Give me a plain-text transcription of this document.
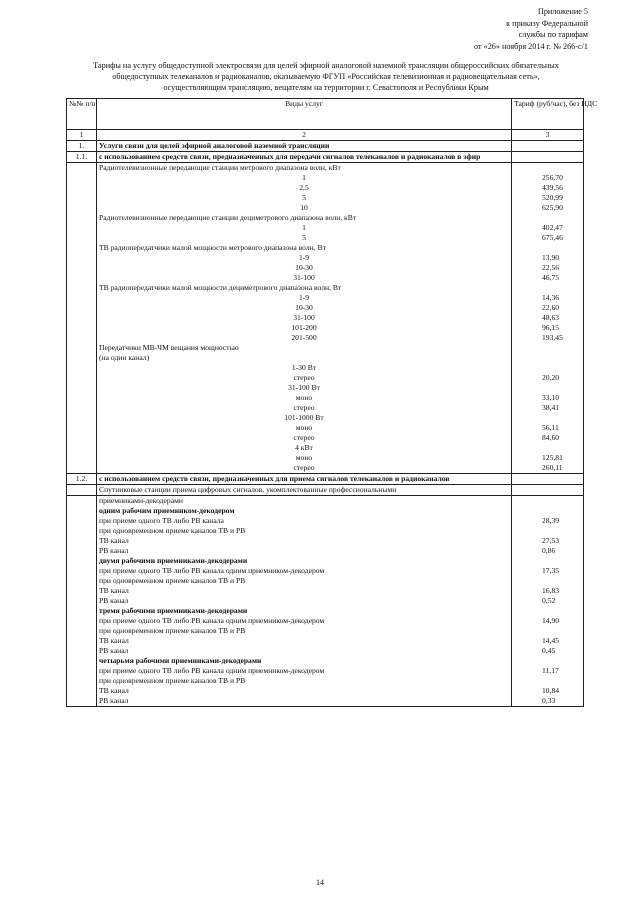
Приложение 5
к приказу Федеральной
службы по тарифам
от «26» ноября 2014 г. № 266-с/1
Тарифы на услугу общедоступной электросвязи для целей эфирной аналоговой наземной трансляции общероссийских обязательных
общедоступных телеканалов и радиоканалов, оказываемую ФГУП «Российская телевизионная и радиовещательная сеть»,
осуществляющим трансляцию, вещателям на территории г. Севастополя и Республики Крым
№№ п/п	Виды услуг	Тариф (руб/час), без НДС
1	2	3
1.	Услуги связи для целей эфирной аналоговой наземной трансляции	
1.1.	с использованием средств связи, предназначенных для передачи сигналов телеканалов и радиоканалов в эфир	
	Радиотелевизионные передающие станции метрового диапазона волн, кВт	
	1	256,70
	2,5	439,56
	5	520,99
	10	625,90
	Радиотелевизионные передающие станции дециметрового диапазона волн, кВт	
	1	402,47
	5	675,46
	ТВ радиопередатчики малой мощности метрового диапазона волн, Вт	
	1-9	13,90
	10-30	22,56
	31-100	46,75
	ТВ радиопередатчики малой мощности дециметрового диапазона волн, Вт	
	1-9	14,36
	10-30	22,60
	31-100	48,63
	101-200	96,15
	201-500	193,45
	Передатчики МВ-ЧМ вещания мощностью	
	(на один канал)	
	1-30 Вт	
	стерео	20,20
	31-100 Вт	
	моно	33,10
	стерео	38,41
	101-1000 Вт	
	моно	56,11
	стерео	84,60
	4 кВт	
	моно	125,81
	стерео	260,11
1.2.	с использованием средств связи, предназначенных для приема сигналов телеканалов и радиоканалов	
	Спутниковые станции приема цифровых сигналов, укомплектованные профессиональными	
	приемниками-декодерами	
	одним рабочим приемником-декодером	
	при приеме одного ТВ либо РВ канала	28,39
	при одновременном приеме каналов ТВ и РВ	
	ТВ канал	27,53
	РВ канал	0,86
	двумя рабочими приемниками-декодерами	
	при приеме одного ТВ либо РВ канала одним приемником-декодером	17,35
	при одновременном приеме каналов ТВ и РВ	
	ТВ канал	16,83
	РВ канал	0,52
	тремя рабочими приемниками-декодерами	
	при приеме одного ТВ либо РВ канала одним приемником-декодером	14,90
	при одновременном приеме каналов ТВ и РВ	
	ТВ канал	14,45
	РВ канал	0,45
	четырьмя рабочими приемниками-декодерами	
	при приеме одного ТВ либо РВ канала одним приемником-декодером	11,17
	при одновременном приеме каналов ТВ и РВ	
	ТВ канал	10,84
	РВ канал	0,33
14
